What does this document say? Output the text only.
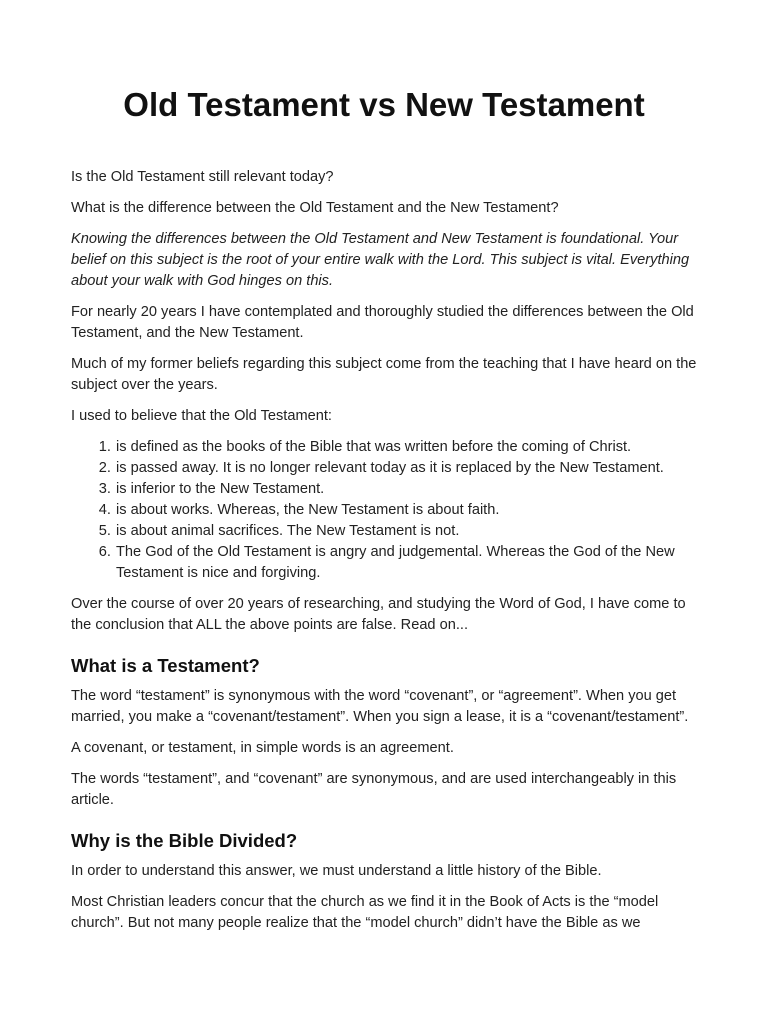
Old Testament vs New Testament

Is the Old Testament still relevant today?

What is the difference between the Old Testament and the New Testament?

Knowing the differences between the Old Testament and New Testament is foundational. Your belief on this subject is the root of your entire walk with the Lord. This subject is vital. Everything about your walk with God hinges on this.

For nearly 20 years I have contemplated and thoroughly studied the differences between the Old Testament, and the New Testament.

Much of my former beliefs regarding this subject come from the teaching that I have heard on the subject over the years.

I used to believe that the Old Testament:

1. is defined as the books of the Bible that was written before the coming of Christ.
2. is passed away. It is no longer relevant today as it is replaced by the New Testament.
3. is inferior to the New Testament.
4. is about works. Whereas, the New Testament is about faith.
5. is about animal sacrifices. The New Testament is not.
6. The God of the Old Testament is angry and judgemental. Whereas the God of the New Testament is nice and forgiving.

Over the course of over 20 years of researching, and studying the Word of God, I have come to the conclusion that ALL the above points are false. Read on...

What is a Testament?

The word “testament” is synonymous with the word “covenant”, or “agreement”. When you get married, you make a “covenant/testament”. When you sign a lease, it is a “covenant/testament”.

A covenant, or testament, in simple words is an agreement.

The words “testament”, and “covenant” are synonymous, and are used interchangeably in this article.

Why is the Bible Divided?

In order to understand this answer, we must understand a little history of the Bible.

Most Christian leaders concur that the church as we find it in the Book of Acts is the “model church”. But not many people realize that the “model church” didn’t have the Bible as we
